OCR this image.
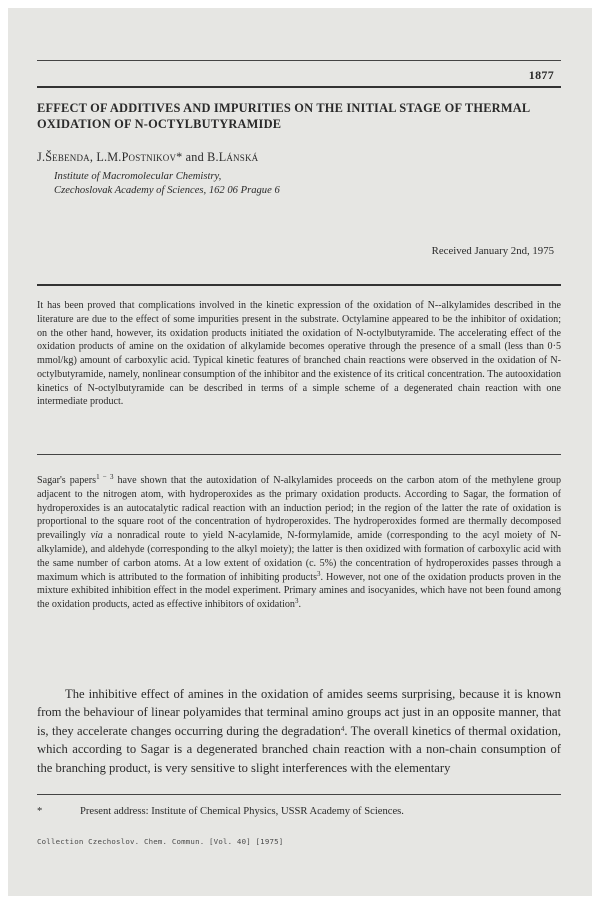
1877
EFFECT OF ADDITIVES AND IMPURITIES ON THE INITIAL STAGE OF THERMAL OXIDATION OF N-OCTYLBUTYRAMIDE
J.Šebenda, L.M.Postnikov* and B.Lánská
Institute of Macromolecular Chemistry,
Czechoslovak Academy of Sciences, 162 06 Prague 6
Received January 2nd, 1975

It has been proved that complications involved in the kinetic expression of the oxidation of N--alkylamides described in the literature are due to the effect of some impurities present in the substrate. Octylamine appeared to be the inhibitor of oxidation; on the other hand, however, its oxidation products initiated the oxidation of N-octylbutyramide. The accelerating effect of the oxidation products of amine on the oxidation of alkylamide becomes operative through the presence of a small (less than 0·5 mmol/kg) amount of carboxylic acid. Typical kinetic features of branched chain reactions were observed in the oxidation of N-octylbutyramide, namely, nonlinear consumption of the inhibitor and the existence of its critical concentration. The autooxidation kinetics of N-octylbutyramide can be described in terms of a simple scheme of a degenerated chain reaction with one intermediate product.

Sagar's papers$^{1 - 3}$ have shown that the autoxidation of N-alkylamides proceeds on the carbon atom of the methylene group adjacent to the nitrogen atom, with hydroperoxides as the primary oxidation products. According to Sagar, the formation of hydroperoxides is an autocatalytic radical reaction with an induction period; in the region of the latter the rate of oxidation is proportional to the square root of the concentration of hydroperoxides. The hydroperoxides formed are thermally decomposed prevailingly via a nonradical route to yield N-acylamide, N-formylamide, amide (corresponding to the acyl moiety of N-alkylamide), and aldehyde (corresponding to the alkyl moiety); the latter is then oxidized with formation of carboxylic acid with the same number of carbon atoms. At a low extent of oxidation (c. 5%) the concentration of hydroperoxides passes through a maximum which is attributed to the formation of inhibiting products$^3$. However, not one of the oxidation products proven in the mixture exhibited inhibition effect in the model experiment. Primary amines and isocyanides, which have not been found among the oxidation products, acted as effective inhibitors of oxidation$^3$.

The inhibitive effect of amines in the oxidation of amides seems surprising, because it is known from the behaviour of linear polyamides that terminal amino groups act just in an opposite manner, that is, they accelerate changes occurring during the degradation$^4$. The overall kinetics of thermal oxidation, which according to Sagar is a degenerated branched chain reaction with a non-chain consumption of the branching product, is very sensitive to slight interferences with the elementary

*	Present address: Institute of Chemical Physics, USSR Academy of Sciences.
Collection Czechoslov. Chem. Commun. [Vol. 40] [1975]
